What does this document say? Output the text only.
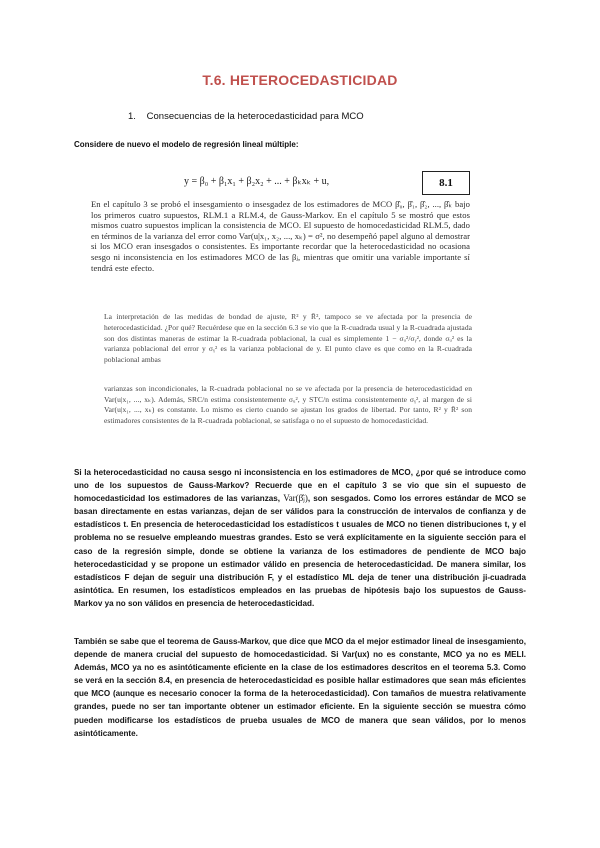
T.6. HETEROCEDASTICIDAD
1. Consecuencias de la heterocedasticidad para MCO
Considere de nuevo el modelo de regresión lineal múltiple:
y = β₀ + β₁x₁ + β₂x₂ + ... + βₖxₖ + u,	8.1

En el capítulo 3 se probó el insesgamiento o insesgadez de los estimadores de MCO β̂₀, β̂₁, β̂₂, ..., β̂ₖ bajo los primeros cuatro supuestos, RLM.1 a RLM.4, de Gauss-Markov. En el capítulo 5 se mostró que estos mismos cuatro supuestos implican la consistencia de MCO. El supuesto de homocedasticidad RLM.5, dado en términos de la varianza del error como Var(u|x₁, x₂, ..., xₖ) = σ², no desempeñó papel alguno al demostrar si los MCO eran insesgados o consistentes. Es importante recordar que la heterocedasticidad no ocasiona sesgo ni inconsistencia en los estimadores MCO de las βⱼ, mientras que omitir una variable importante sí tendrá este efecto.

La interpretación de las medidas de bondad de ajuste, R² y R̄², tampoco se ve afectada por la presencia de heterocedasticidad. ¿Por qué? Recuérdese que en la sección 6.3 se vio que la R-cuadrada usual y la R-cuadrada ajustada son dos distintas maneras de estimar la R-cuadrada poblacional, la cual es simplemente 1 − σᵤ²/σᵧ², donde σᵤ² es la varianza poblacional del error y σᵧ² es la varianza poblacional de y. El punto clave es que como en la R-cuadrada poblacional ambas

varianzas son incondicionales, la R-cuadrada poblacional no se ve afectada por la presencia de heterocedasticidad en Var(u|x₁, ..., xₖ). Además, SRC/n estima consistentemente σᵤ², y STC/n estima consistentemente σᵧ², al margen de si Var(u|x₁, ..., xₖ) es constante. Lo mismo es cierto cuando se ajustan los grados de libertad. Por tanto, R² y R̄² son estimadores consistentes de la R-cuadrada poblacional, se satisfaga o no el supuesto de homocedasticidad.

Si la heterocedasticidad no causa sesgo ni inconsistencia en los estimadores de MCO, ¿por qué se introduce como uno de los supuestos de Gauss-Markov? Recuerde que en el capítulo 3 se vio que sin el supuesto de homocedasticidad los estimadores de las varianzas, Var(β̂ⱼ), son sesgados. Como los errores estándar de MCO se basan directamente en estas varianzas, dejan de ser válidos para la construcción de intervalos de confianza y de estadísticos t. En presencia de heterocedasticidad los estadísticos t usuales de MCO no tienen distribuciones t, y el problema no se resuelve empleando muestras grandes. Esto se verá explícitamente en la siguiente sección para el caso de la regresión simple, donde se obtiene la varianza de los estimadores de pendiente de MCO bajo heterocedasticidad y se propone un estimador válido en presencia de heterocedasticidad. De manera similar, los estadísticos F dejan de seguir una distribución F, y el estadístico ML deja de tener una distribución ji-cuadrada asintótica. En resumen, los estadísticos empleados en las pruebas de hipótesis bajo los supuestos de Gauss-Markov ya no son válidos en presencia de heterocedasticidad.

También se sabe que el teorema de Gauss-Markov, que dice que MCO da el mejor estimador lineal de insesgamiento, depende de manera crucial del supuesto de homocedasticidad. Si Var(ux) no es constante, MCO ya no es MELI. Además, MCO ya no es asintóticamente eficiente en la clase de los estimadores descritos en el teorema 5.3. Como se verá en la sección 8.4, en presencia de heterocedasticidad es posible hallar estimadores que sean más eficientes que MCO (aunque es necesario conocer la forma de la heterocedasticidad). Con tamaños de muestra relativamente grandes, puede no ser tan importante obtener un estimador eficiente. En la siguiente sección se muestra cómo pueden modificarse los estadísticos de prueba usuales de MCO de manera que sean válidos, por lo menos asintóticamente.
